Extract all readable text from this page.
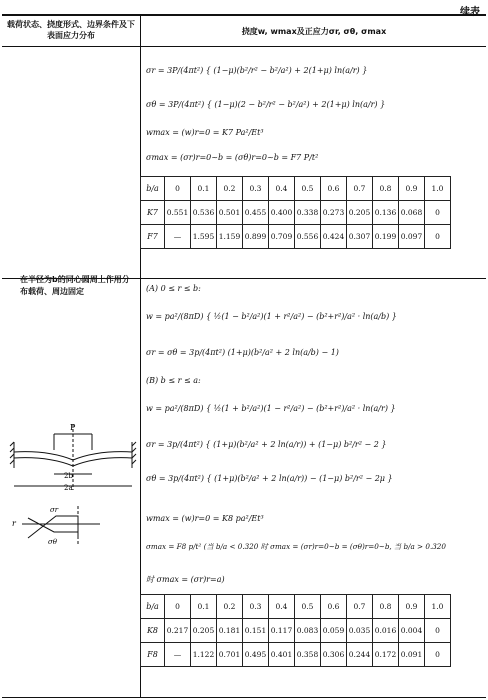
续表
载荷状态、挠度形式、边界条件及下表面应力分布	挠度w, wmax及正应力σr, σθ, σmax
σr = 3P/(4πt²) { (1−μ)(b²/r² − b²/a²) + 2(1+μ) ln(a/r) }
σθ = 3P/(4πt²) { (1−μ)(2 − b²/r² − b²/a²) + 2(1+μ) ln(a/r) }
wmax = (w)r=0 = K7 Pa²/Et³
σmax = (σr)r=0~b = (σθ)r=0~b = F7 P/t²
b/a	0	0.1	0.2	0.3	0.4	0.5	0.6	0.7	0.8	0.9	1.0
K7	0.551	0.536	0.501	0.455	0.400	0.338	0.273	0.205	0.136	0.068	0
F7	—	1.595	1.159	0.899	0.709	0.556	0.424	0.307	0.199	0.097	0
在半径为b的同心圆周上作用分布载荷、周边固定
P
2b
2a
r
σr
σθ
(A) 0 ≤ r ≤ b:
w = pa²/(8πD) { ½(1 − b²/a²)(1 + r²/a²) − (b²+r²)/a² · ln(a/b) }
σr = σθ = 3p/(4πt²) (1+μ)(b²/a² + 2 ln(a/b) − 1)
(B) b ≤ r ≤ a:
w = pa²/(8πD) { ½(1 + b²/a²)(1 − r²/a²) − (b²+r²)/a² · ln(a/r) }
σr = 3p/(4πt²) { (1+μ)(b²/a² + 2 ln(a/r)) + (1−μ) b²/r² − 2 }
σθ = 3p/(4πt²) { (1+μ)(b²/a² + 2 ln(a/r)) − (1−μ) b²/r² − 2μ }
wmax = (w)r=0 = K8 pa²/Et³
σmax = F8 p/t² (当 b/a < 0.320 时 σmax = (σr)r=0~b = (σθ)r=0~b, 当 b/a > 0.320
时 σmax = (σr)r=a)
b/a	0	0.1	0.2	0.3	0.4	0.5	0.6	0.7	0.8	0.9	1.0
K8	0.217	0.205	0.181	0.151	0.117	0.083	0.059	0.035	0.016	0.004	0
F8	—	1.122	0.701	0.495	0.401	0.358	0.306	0.244	0.172	0.091	0
